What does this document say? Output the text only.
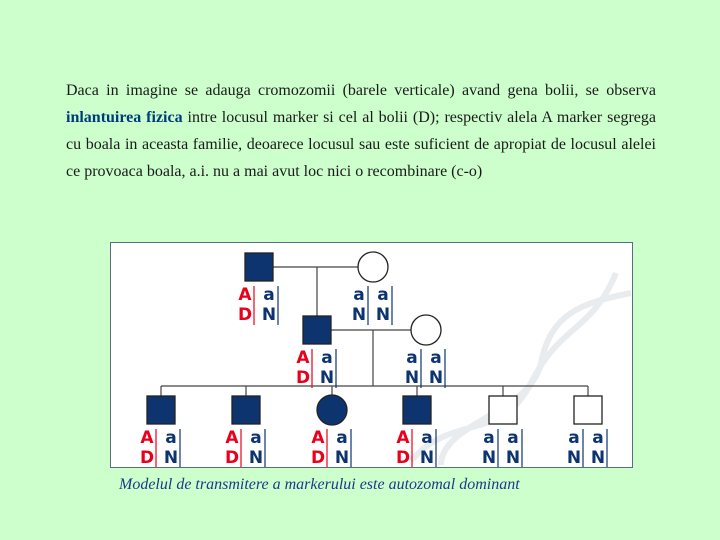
Daca in imagine se adauga cromozomii (barele verticale) avand gena bolii, se observa inlantuirea fizica intre locusul marker si cel al bolii (D); respectiv alela A marker segrega cu boala in aceasta familie, deoarece locusul sau este suficient de apropiat de locusul alelei ce provoaca boala, a.i. nu a mai avut loc nici o recombinare (c-o)

A
D
a
N
a
N
a
N
A
D
a
N
a
N
a
N
A
D
a
N
A
D
a
N
A
D
a
N
A
D
a
N
a
N
a
N
a
N
a
N
Modelul de transmitere a markerului este autozomal dominant
